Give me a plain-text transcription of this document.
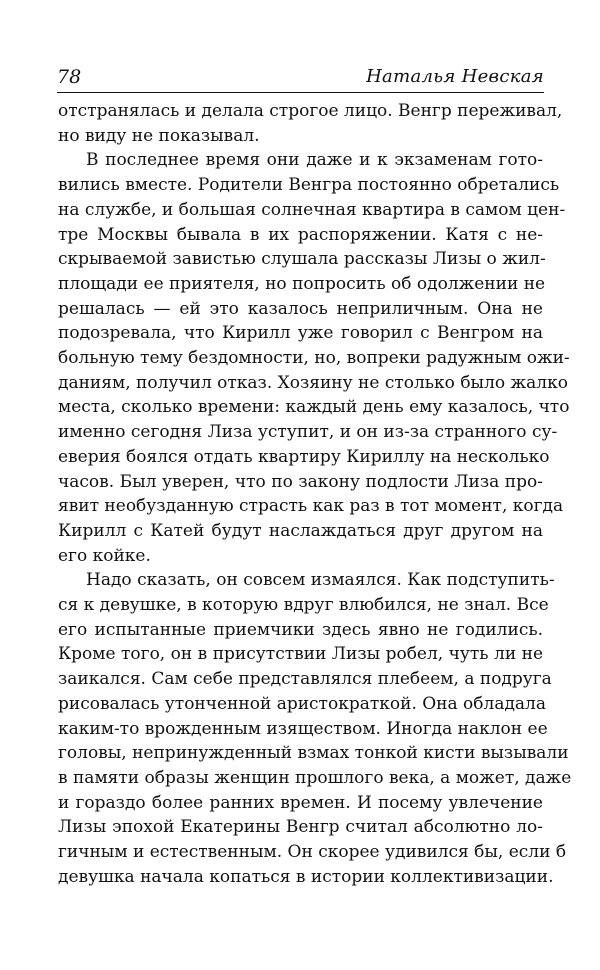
78	Наталья Невская

отстранялась и делала строгое лицо. Венгр переживал,
но виду не показывал.

В последнее время они даже и к экзаменам гото-
вились вместе. Родители Венгра постоянно обретались
на службе, и большая солнечная квартира в самом цен-
тре Москвы бывала в их распоряжении. Катя с не-
скрываемой завистью слушала рассказы Лизы о жил-
площади ее приятеля, но попросить об одолжении не
решалась — ей это казалось неприличным. Она не
подозревала, что Кирилл уже говорил с Венгром на
больную тему бездомности, но, вопреки радужным ожи-
даниям, получил отказ. Хозяину не столько было жалко
места, сколько времени: каждый день ему казалось, что
именно сегодня Лиза уступит, и он из-за странного су-
еверия боялся отдать квартиру Кириллу на несколько
часов. Был уверен, что по закону подлости Лиза про-
явит необузданную страсть как раз в тот момент, когда
Кирилл с Катей будут наслаждаться друг другом на
его койке.

Надо сказать, он совсем измаялся. Как подступить-
ся к девушке, в которую вдруг влюбился, не знал. Все
его испытанные приемчики здесь явно не годились.
Кроме того, он в присутствии Лизы робел, чуть ли не
заикался. Сам себе представлялся плебеем, а подруга
рисовалась утонченной аристократкой. Она обладала
каким-то врожденным изяществом. Иногда наклон ее
головы, непринужденный взмах тонкой кисти вызывали
в памяти образы женщин прошлого века, а может, даже
и гораздо более ранних времен. И посему увлечение
Лизы эпохой Екатерины Венгр считал абсолютно ло-
гичным и естественным. Он скорее удивился бы, если б
девушка начала копаться в истории коллективизации.
